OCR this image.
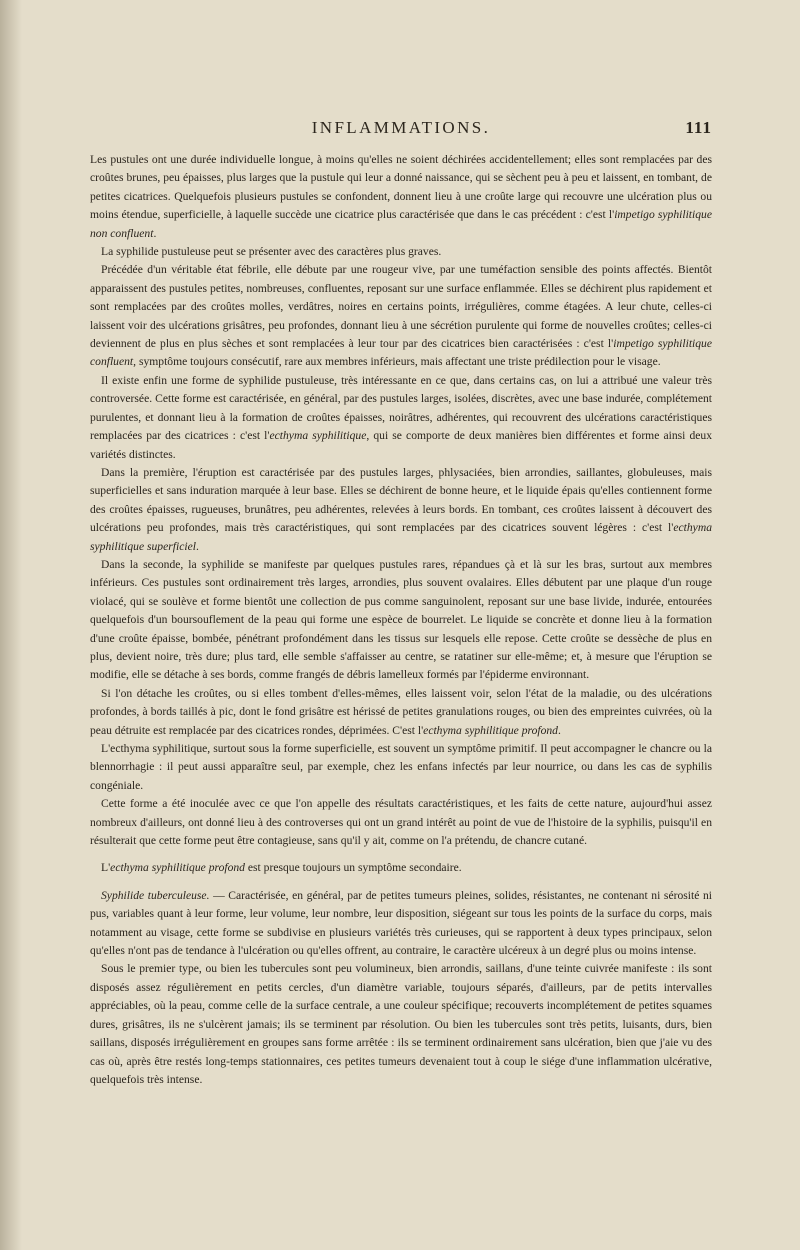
INFLAMMATIONS.	111

Les pustules ont une durée individuelle longue, à moins qu'elles ne soient déchirées accidentellement; elles sont remplacées par des croûtes brunes, peu épaisses, plus larges que la pustule qui leur a donné naissance, qui se sèchent peu à peu et laissent, en tombant, de petites cicatrices. Quelquefois plusieurs pustules se confondent, donnent lieu à une croûte large qui recouvre une ulcération plus ou moins étendue, superficielle, à laquelle succède une cicatrice plus caractérisée que dans le cas précédent : c'est l'impetigo syphilitique non confluent.

La syphilide pustuleuse peut se présenter avec des caractères plus graves.

Précédée d'un véritable état fébrile, elle débute par une rougeur vive, par une tuméfaction sensible des points affectés. Bientôt apparaissent des pustules petites, nombreuses, confluentes, reposant sur une surface enflammée. Elles se déchirent plus rapidement et sont remplacées par des croûtes molles, verdâtres, noires en certains points, irrégulières, comme étagées. A leur chute, celles-ci laissent voir des ulcérations grisâtres, peu profondes, donnant lieu à une sécrétion purulente qui forme de nouvelles croûtes; celles-ci deviennent de plus en plus sèches et sont remplacées à leur tour par des cicatrices bien caractérisées : c'est l'impetigo syphilitique confluent, symptôme toujours consécutif, rare aux membres inférieurs, mais affectant une triste prédilection pour le visage.

Il existe enfin une forme de syphilide pustuleuse, très intéressante en ce que, dans certains cas, on lui a attribué une valeur très controversée. Cette forme est caractérisée, en général, par des pustules larges, isolées, discrètes, avec une base indurée, complétement purulentes, et donnant lieu à la formation de croûtes épaisses, noirâtres, adhérentes, qui recouvrent des ulcérations caractéristiques remplacées par des cicatrices : c'est l'ecthyma syphilitique, qui se comporte de deux manières bien différentes et forme ainsi deux variétés distinctes.

Dans la première, l'éruption est caractérisée par des pustules larges, phlysaciées, bien arrondies, saillantes, globuleuses, mais superficielles et sans induration marquée à leur base. Elles se déchirent de bonne heure, et le liquide épais qu'elles contiennent forme des croûtes épaisses, rugueuses, brunâtres, peu adhérentes, relevées à leurs bords. En tombant, ces croûtes laissent à découvert des ulcérations peu profondes, mais très caractéristiques, qui sont remplacées par des cicatrices souvent légères : c'est l'ecthyma syphilitique superficiel.

Dans la seconde, la syphilide se manifeste par quelques pustules rares, répandues çà et là sur les bras, surtout aux membres inférieurs. Ces pustules sont ordinairement très larges, arrondies, plus souvent ovalaires. Elles débutent par une plaque d'un rouge violacé, qui se soulève et forme bientôt une collection de pus comme sanguinolent, reposant sur une base livide, indurée, entourées quelquefois d'un boursouflement de la peau qui forme une espèce de bourrelet. Le liquide se concrète et donne lieu à la formation d'une croûte épaisse, bombée, pénétrant profondément dans les tissus sur lesquels elle repose. Cette croûte se dessèche de plus en plus, devient noire, très dure; plus tard, elle semble s'affaisser au centre, se ratatiner sur elle-même; et, à mesure que l'éruption se modifie, elle se détache à ses bords, comme frangés de débris lamelleux formés par l'épiderme environnant.

Si l'on détache les croûtes, ou si elles tombent d'elles-mêmes, elles laissent voir, selon l'état de la maladie, ou des ulcérations profondes, à bords taillés à pic, dont le fond grisâtre est hérissé de petites granulations rouges, ou bien des empreintes cuivrées, où la peau détruite est remplacée par des cicatrices rondes, déprimées. C'est l'ecthyma syphilitique profond.

L'ecthyma syphilitique, surtout sous la forme superficielle, est souvent un symptôme primitif. Il peut accompagner le chancre ou la blennorrhagie : il peut aussi apparaître seul, par exemple, chez les enfans infectés par leur nourrice, ou dans les cas de syphilis congéniale.

Cette forme a été inoculée avec ce que l'on appelle des résultats caractéristiques, et les faits de cette nature, aujourd'hui assez nombreux d'ailleurs, ont donné lieu à des controverses qui ont un grand intérêt au point de vue de l'histoire de la syphilis, puisqu'il en résulterait que cette forme peut être contagieuse, sans qu'il y ait, comme on l'a prétendu, de chancre cutané.

L'ecthyma syphilitique profond est presque toujours un symptôme secondaire.

Syphilide tuberculeuse. — Caractérisée, en général, par de petites tumeurs pleines, solides, résistantes, ne contenant ni sérosité ni pus, variables quant à leur forme, leur volume, leur nombre, leur disposition, siégeant sur tous les points de la surface du corps, mais notamment au visage, cette forme se subdivise en plusieurs variétés très curieuses, qui se rapportent à deux types principaux, selon qu'elles n'ont pas de tendance à l'ulcération ou qu'elles offrent, au contraire, le caractère ulcéreux à un degré plus ou moins intense.

Sous le premier type, ou bien les tubercules sont peu volumineux, bien arrondis, saillans, d'une teinte cuivrée manifeste : ils sont disposés assez régulièrement en petits cercles, d'un diamètre variable, toujours séparés, d'ailleurs, par de petits intervalles appréciables, où la peau, comme celle de la surface centrale, a une couleur spécifique; recouverts incomplétement de petites squames dures, grisâtres, ils ne s'ulcèrent jamais; ils se terminent par résolution. Ou bien les tubercules sont très petits, luisants, durs, bien saillans, disposés irrégulièrement en groupes sans forme arrêtée : ils se terminent ordinairement sans ulcération, bien que j'aie vu des cas où, après être restés long-temps stationnaires, ces petites tumeurs devenaient tout à coup le siége d'une inflammation ulcérative, quelquefois très intense.
